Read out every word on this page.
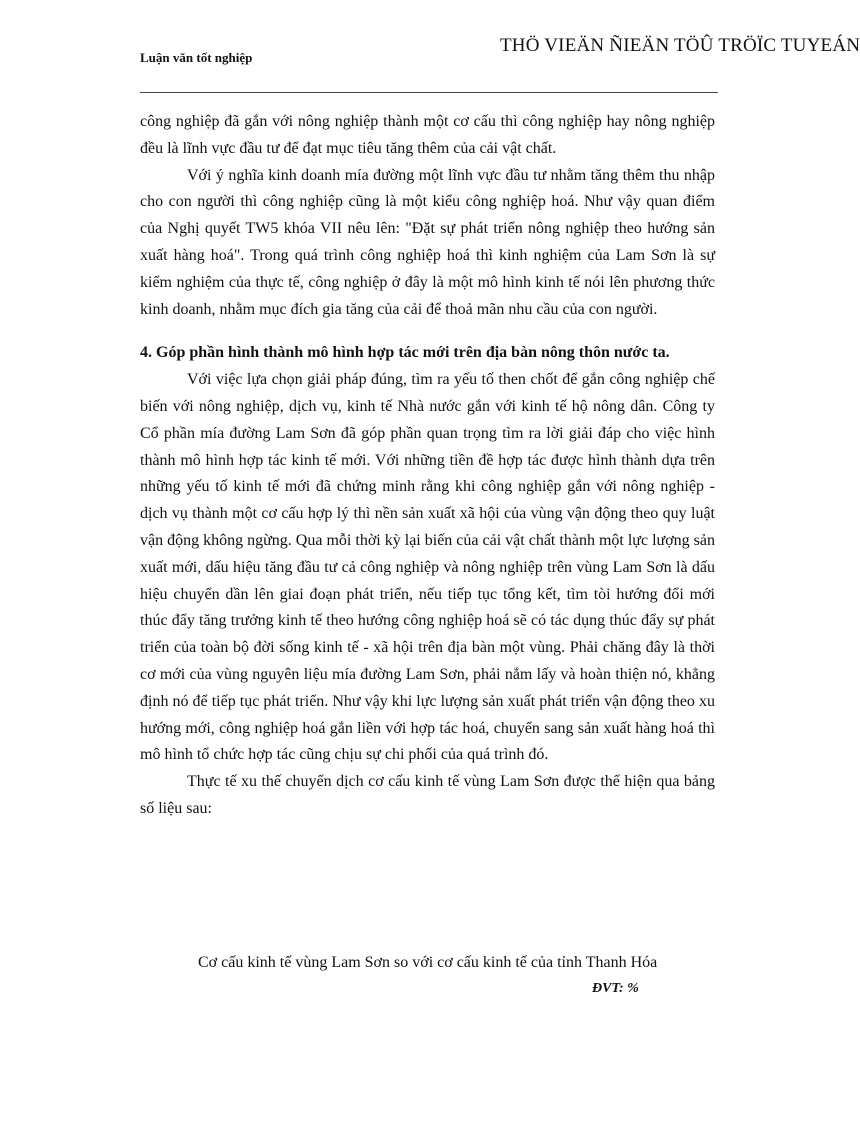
Luận văn tốt nghiệp
THÖ VIEÄN ÑIEÄN TÖÛ TRÖÏC TUYEÁN

công nghiệp đã gắn với nông nghiệp thành một cơ cấu thì công nghiệp hay nông nghiệp đều là lĩnh vực đầu tư để đạt mục tiêu tăng thêm của cải vật chất.

Với ý nghĩa kinh doanh mía đường một lĩnh vực đầu tư nhằm tăng thêm thu nhập cho con người thì công nghiệp cũng là một kiểu công nghiệp hoá. Như vậy quan điểm của Nghị quyết TW5 khóa VII nêu lên: "Đặt sự phát triển nông nghiệp theo hướng sản xuất hàng hoá". Trong quá trình công nghiệp hoá thì kinh nghiệm của Lam Sơn là sự kiểm nghiệm của thực tế, công nghiệp ở đây là một mô hình kinh tế nói lên phương thức kinh doanh, nhằm mục đích gia tăng của cải để thoả mãn nhu cầu của con người.

4. Góp phần hình thành mô hình hợp tác mới trên địa bàn nông thôn nước ta.

Với việc lựa chọn giải pháp đúng, tìm ra yếu tố then chốt để gắn công nghiệp chế biến với nông nghiệp, dịch vụ, kinh tế Nhà nước gắn với kinh tế hộ nông dân. Công ty Cổ phần mía đường Lam Sơn đã góp phần quan trọng tìm ra lời giải đáp cho việc hình thành mô hình hợp tác kinh tế mới. Với những tiền đề hợp tác được hình thành dựa trên những yếu tố kinh tế mới đã chứng minh rằng khi công nghiệp gắn với nông nghiệp - dịch vụ thành một cơ cấu hợp lý thì nền sản xuất xã hội của vùng vận động theo quy luật vận động không ngừng. Qua mỗi thời kỳ lại biến của cải vật chất thành một lực lượng sản xuất mới, dấu hiệu tăng đầu tư cả công nghiệp và nông nghiệp trên vùng Lam Sơn là dấu hiệu chuyển dần lên giai đoạn phát triển, nếu tiếp tục tổng kết, tìm tòi hướng đổi mới thúc đẩy tăng trưởng kinh tế theo hướng công nghiệp hoá sẽ có tác dụng thúc đẩy sự phát triển của toàn bộ đời sống kinh tế - xã hội trên địa bàn một vùng. Phải chăng đây là thời cơ mới của vùng nguyên liệu mía đường Lam Sơn, phải nắm lấy và hoàn thiện nó, khẳng định nó để tiếp tục phát triển. Như vậy khi lực lượng sản xuất phát triển vận động theo xu hướng mới, công nghiệp hoá gắn liền với hợp tác hoá, chuyển sang sản xuất hàng hoá thì mô hình tổ chức hợp tác cũng chịu sự chi phối của quá trình đó.

Thực tế xu thế chuyển dịch cơ cấu kinh tế vùng Lam Sơn được thể hiện qua bảng số liệu sau:

Cơ cấu kinh tế vùng Lam Sơn so với cơ cấu kinh tế của tỉnh Thanh Hóa
ĐVT: %
